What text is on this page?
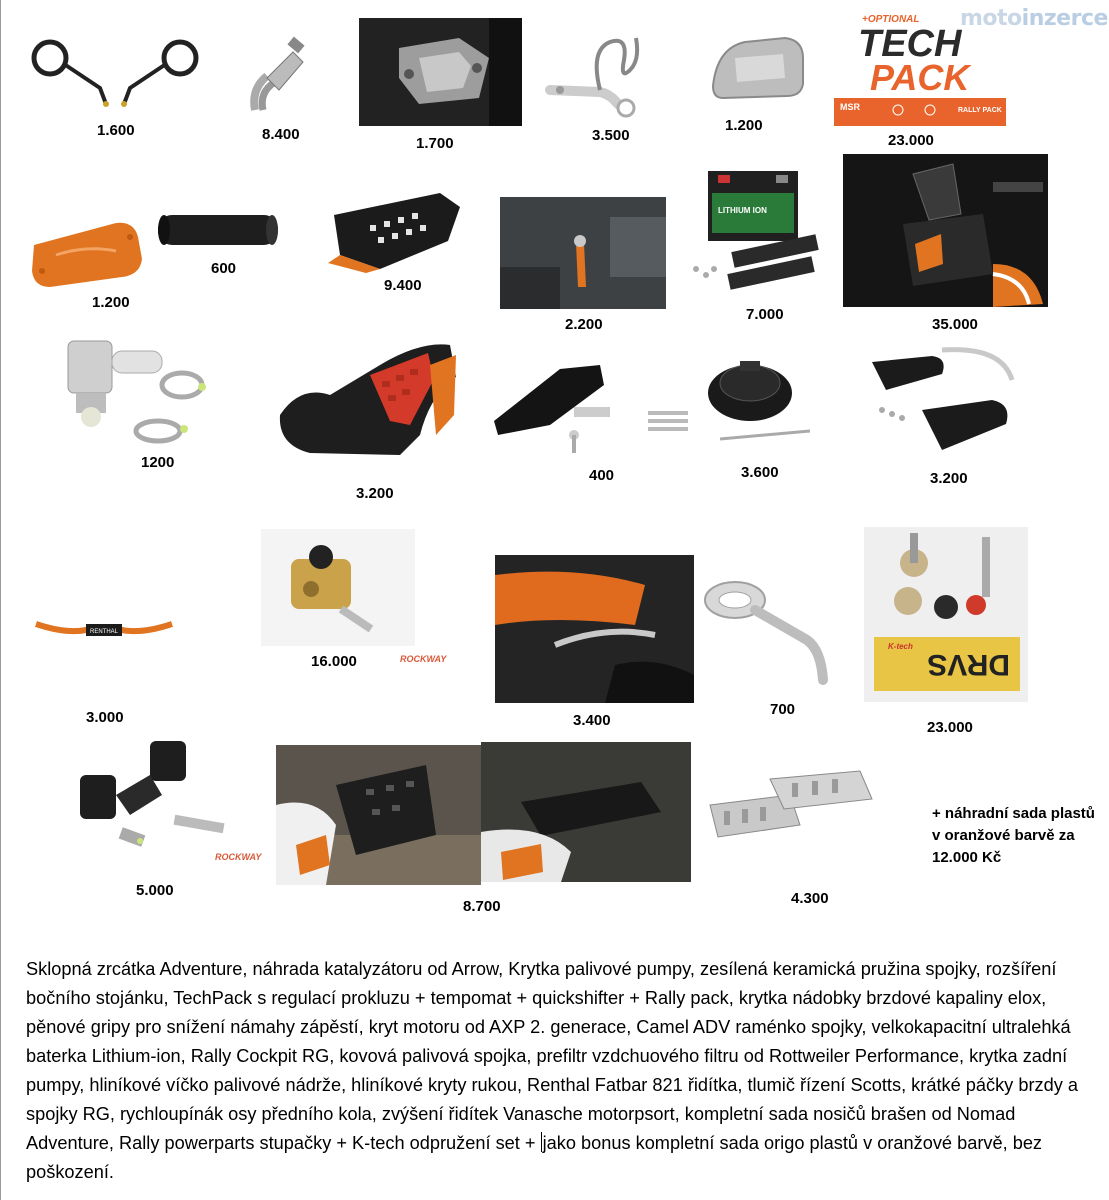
motoinzerce
1.600	8.400
1.700	3.500
1.200
+OPTIONAL
TECH
PACK
MSR	RALLY PACK
23.000
1.200
600
9.400
2.200
LITHIUM ION
7.000
35.000
1200
3.200
400	3.600	3.200
RENTHAL
3.000
ROCKWAY
16.000
3.400
700
DRVS
K-tech
23.000
ROCKWAY
5.000
8.700	4.300
+ náhradní sada plastů v oranžové barvě za 12.000 Kč
Sklopná zrcátka Adventure, náhrada katalyzátoru od Arrow, Krytka palivové pumpy, zesílená keramická pružina spojky, rozšíření bočního stojánku, TechPack s regulací prokluzu + tempomat + quickshifter + Rally pack, krytka nádobky brzdové kapaliny elox, pěnové gripy pro snížení námahy zápěstí, kryt motoru od AXP 2. generace, Camel ADV raménko spojky, velkokapacitní ultralehká baterka Lithium-ion, Rally Cockpit RG, kovová palivová spojka, prefiltr vzdchuového filtru od Rottweiler Performance, krytka zadní pumpy, hliníkové víčko palivové nádrže, hliníkové kryty rukou, Renthal Fatbar 821 řidítka, tlumič řízení Scotts, krátké páčky brzdy a spojky RG, rychloupínák osy předního kola, zvýšení řidítek Vanasche motorpsort, kompletní sada nosičů brašen od Nomad Adventure, Rally powerparts stupačky + K-tech odpružení set + jako bonus kompletní sada origo plastů v oranžové barvě, bez poškození.
